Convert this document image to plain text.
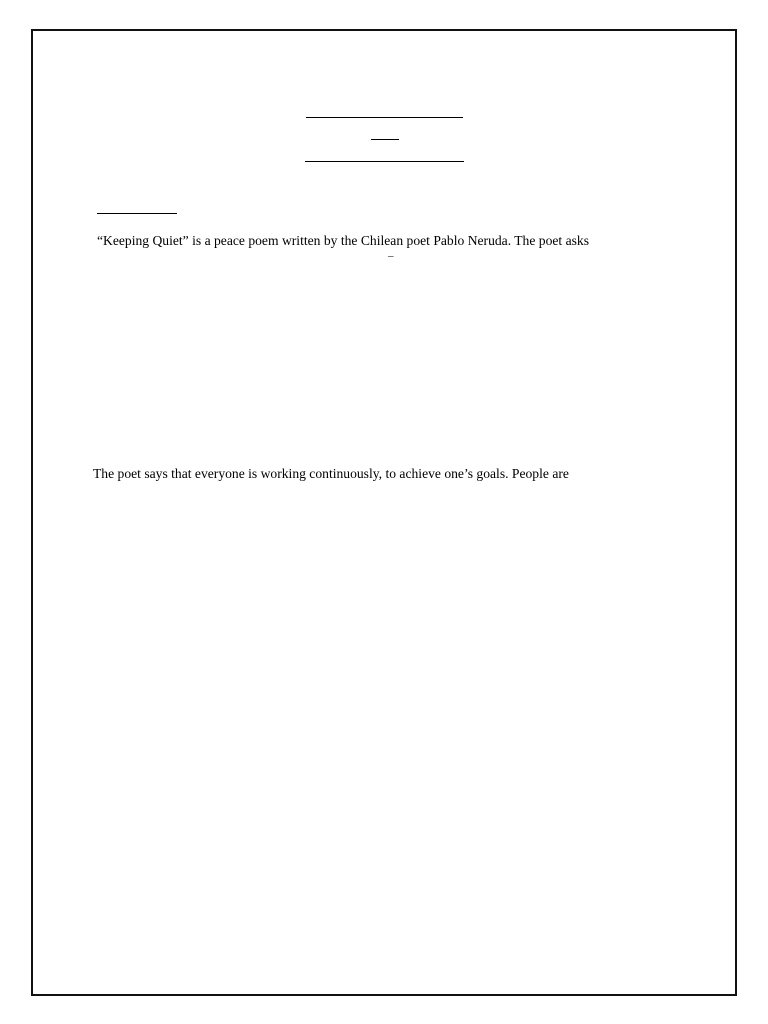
“Keeping Quiet” is a peace poem written by the Chilean poet Pablo Neruda. The poet asks
–
The poet says that everyone is working continuously, to achieve one’s goals. People are
